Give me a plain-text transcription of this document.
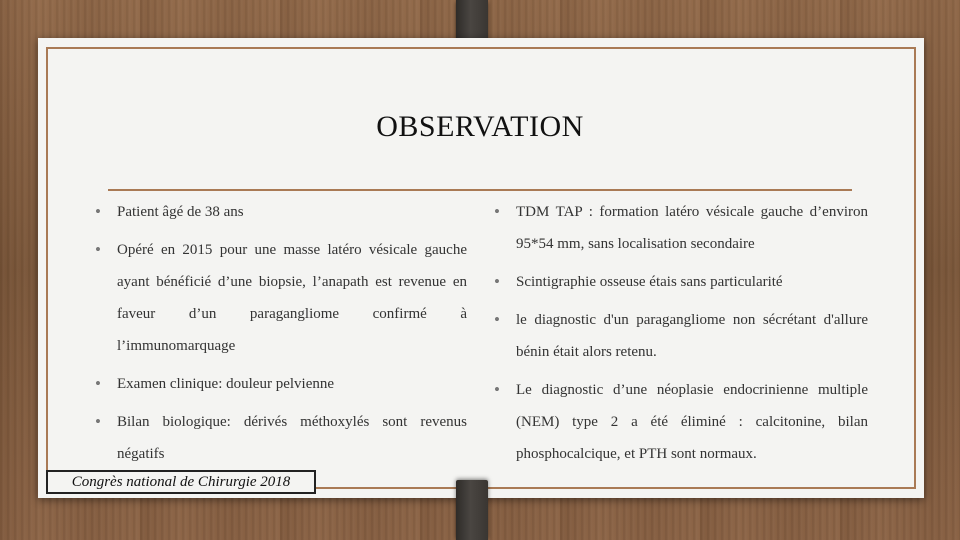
OBSERVATION
• Patient âgé de 38 ans
• Opéré en 2015 pour une masse latéro vésicale gauche ayant bénéficié d’une biopsie, l’anapath est revenue en faveur d’un paragangliome confirmé à l’immunomarquage
• Examen clinique: douleur pelvienne
• Bilan biologique: dérivés méthoxylés sont revenus négatifs
• TDM TAP : formation latéro vésicale gauche d’environ 95*54 mm, sans localisation secondaire
• Scintigraphie osseuse étais sans particularité
• le diagnostic d'un paragangliome non sécrétant d'allure bénin était alors retenu.
• Le diagnostic d’une néoplasie endocrinienne multiple (NEM) type 2 a été éliminé : calcitonine, bilan phosphocalcique, et PTH sont normaux.
Congrès national de Chirurgie 2018
